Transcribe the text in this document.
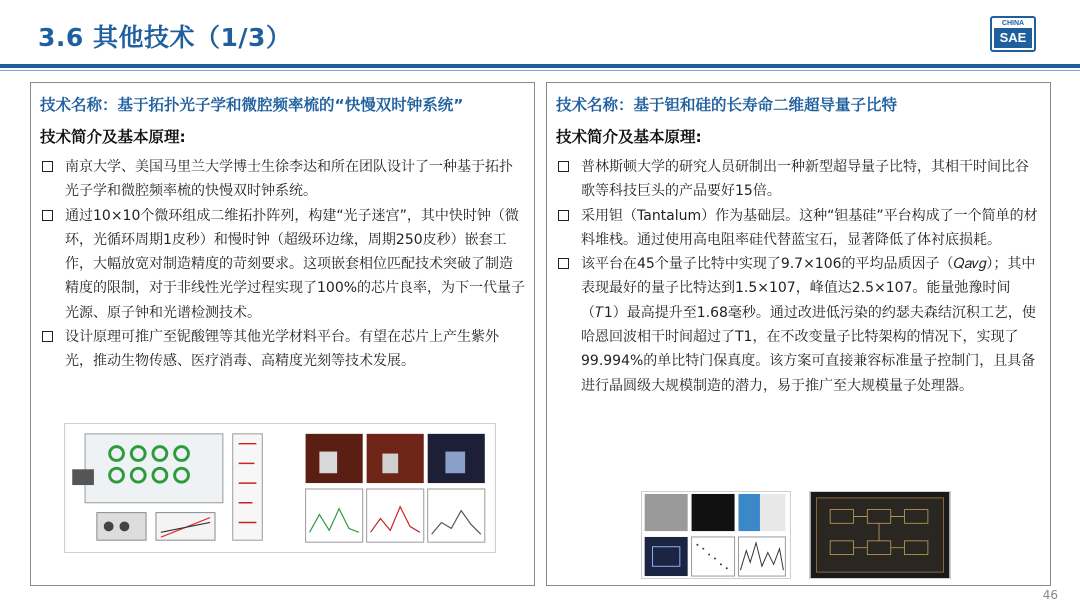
3.6 其他技术（1/3）	CHINA
SAE
技术名称：基于拓扑光子学和微腔频率梳的“快慢双时钟系统”
技术简介及基本原理:
南京大学、美国马里兰大学博士生徐李达和所在团队设计了一种基于拓扑光子学和微腔频率梳的快慢双时钟系统。
通过10×10个微环组成二维拓扑阵列，构建“光子迷宫”，其中快时钟（微环，光循环周期1皮秒）和慢时钟（超级环边缘，周期250皮秒）嵌套工作，大幅放宽对制造精度的苛刻要求。这项嵌套相位匹配技术突破了制造精度的限制，对于非线性光学过程实现了100%的芯片良率，为下一代量子光源、原子钟和光谱检测技术。
设计原理可推广至铌酸锂等其他光学材料平台。有望在芯片上产生紫外光，推动生物传感、医疗消毒、高精度光刻等技术发展。
技术名称：基于钽和硅的长寿命二维超导量子比特
技术简介及基本原理:
普林斯顿大学的研究人员研制出一种新型超导量子比特，其相干时间比谷歌等科技巨头的产品要好15倍。
采用钽（Tantalum）作为基础层。这种“钽基硅”平台构成了一个简单的材料堆栈。通过使用高电阻率硅代替蓝宝石，显著降低了体衬底损耗。
该平台在45个量子比特中实现了9.7×106的平均品质因子（𝑄𝑎𝑣𝑔）；其中表现最好的量子比特达到1.5×107，峰值达2.5×107。能量弛豫时间（𝑇1）最高提升至1.68毫秒。通过改进低污染的约瑟夫森结沉积工艺，使哈恩回波相干时间超过了T1，在不改变量子比特架构的情况下，实现了99.994%的单比特门保真度。该方案可直接兼容标准量子控制门，且具备进行晶圆级大规模制造的潜力，易于推广至大规模量子处理器。
46
